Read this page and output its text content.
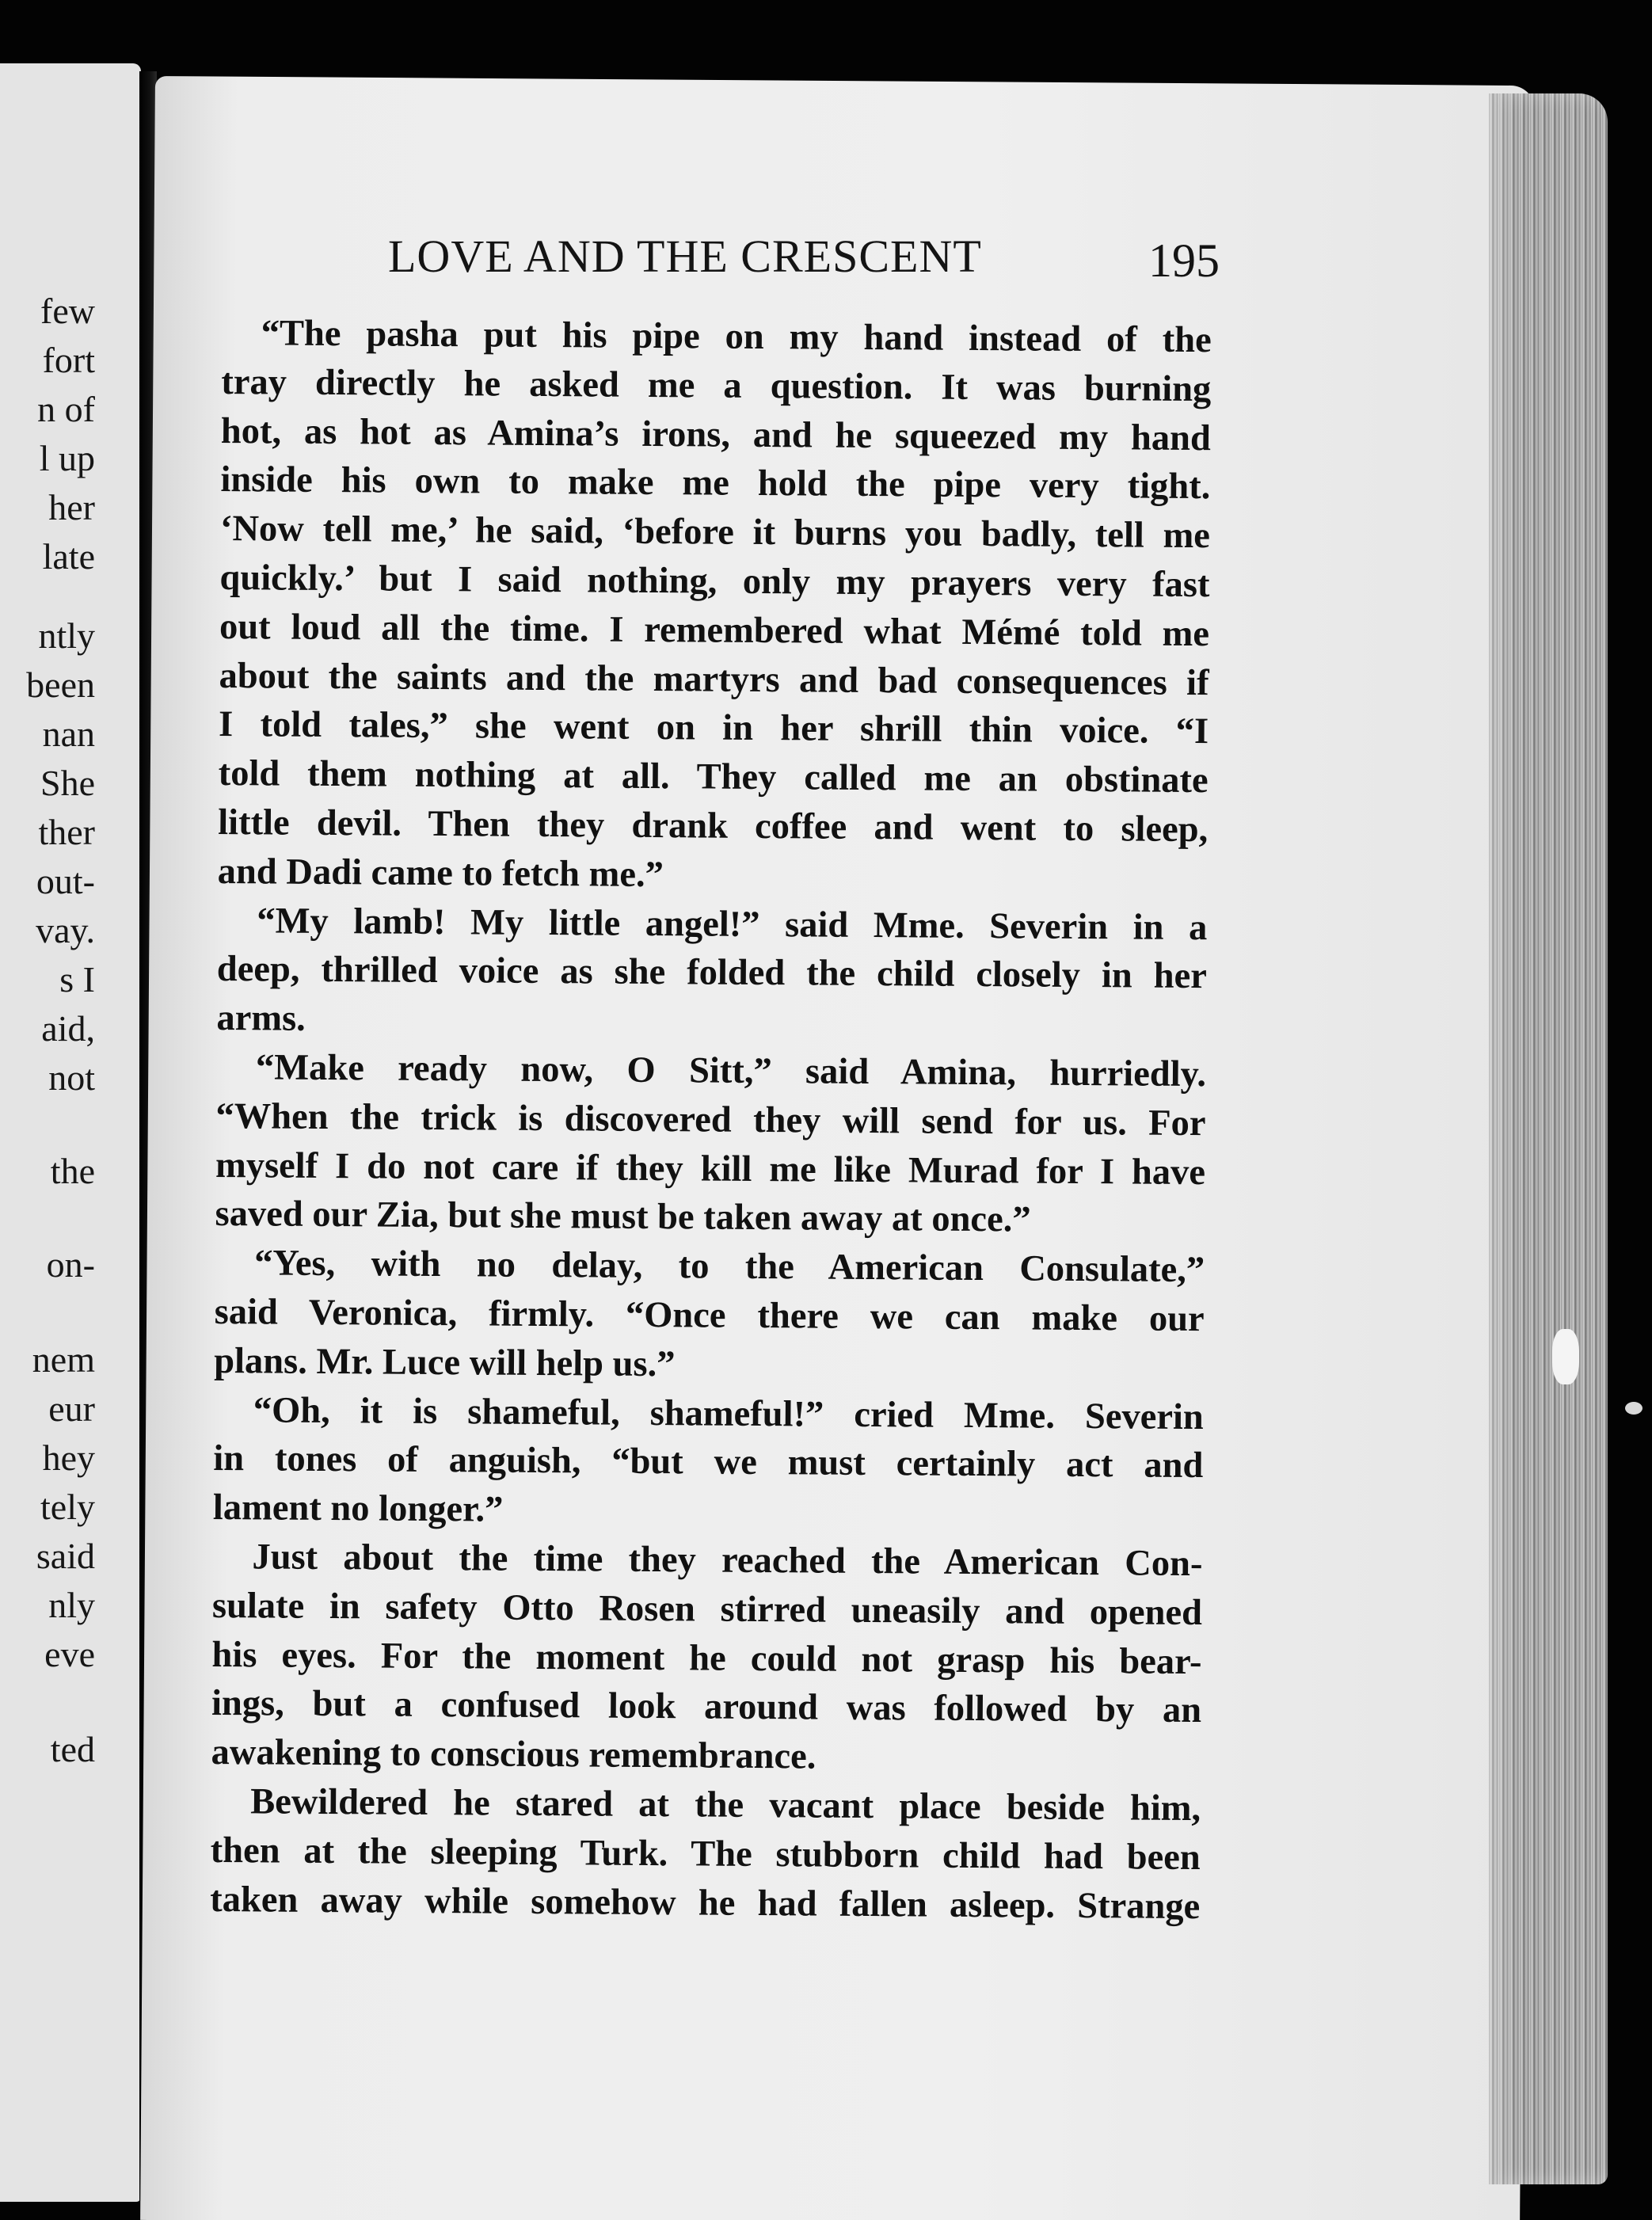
few
fort
n of
l up
her
late
ntly
been
nan
She
ther
out-
vay.
s I
aid,
not
the
on-
nem
eur
hey
tely
said
nly
eve
ted
LOVE AND THE CRESCENT	195
“The pasha put his pipe on my hand instead of the
tray directly he asked me a question. It was burning
hot, as hot as Amina’s irons, and he squeezed my hand
inside his own to make me hold the pipe very tight.
‘Now tell me,’ he said, ‘before it burns you badly, tell me
quickly.’ but I said nothing, only my prayers very fast
out loud all the time. I remembered what Mémé told me
about the saints and the martyrs and bad consequences if
I told tales,” she went on in her shrill thin voice. “I
told them nothing at all. They called me an obstinate
little devil. Then they drank coffee and went to sleep,
and Dadi came to fetch me.”
“My lamb! My little angel!” said Mme. Severin in a
deep, thrilled voice as she folded the child closely in her
arms.
“Make ready now, O Sitt,” said Amina, hurriedly.
“When the trick is discovered they will send for us. For
myself I do not care if they kill me like Murad for I have
saved our Zia, but she must be taken away at once.”
“Yes, with no delay, to the American Consulate,”
said Veronica, firmly. “Once there we can make our
plans. Mr. Luce will help us.”
“Oh, it is shameful, shameful!” cried Mme. Severin
in tones of anguish, “but we must certainly act and
lament no longer.”
Just about the time they reached the American Con-
sulate in safety Otto Rosen stirred uneasily and opened
his eyes. For the moment he could not grasp his bear-
ings, but a confused look around was followed by an
awakening to conscious remembrance.
Bewildered he stared at the vacant place beside him,
then at the sleeping Turk. The stubborn child had been
taken away while somehow he had fallen asleep. Strange
